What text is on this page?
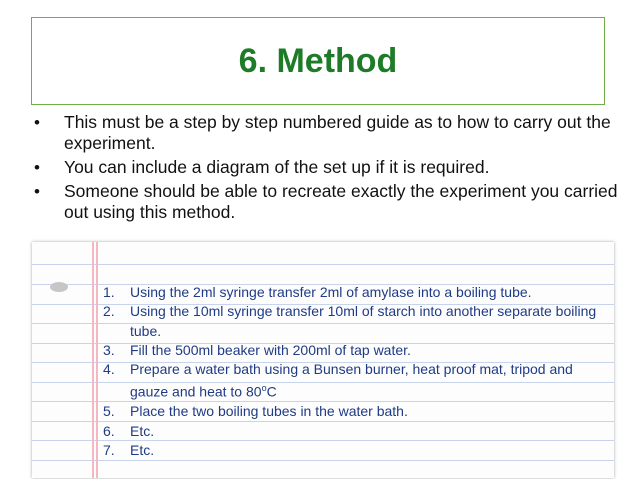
6. Method
• This must be a step by step numbered guide as to how to carry out the experiment.
• You can include a diagram of the set up if it is required.
• Someone should be able to recreate exactly the experiment you carried out using this method.
1. Using the 2ml syringe transfer 2ml of amylase into a boiling tube.
2. Using the 10ml syringe transfer 10ml of starch into another separate boiling tube.
3. Fill the 500ml beaker with 200ml of tap water.
4. Prepare a water bath using a Bunsen burner, heat proof mat, tripod and gauze and heat to 80$^o$C
5. Place the two boiling tubes in the water bath.
6. Etc.
7. Etc.
